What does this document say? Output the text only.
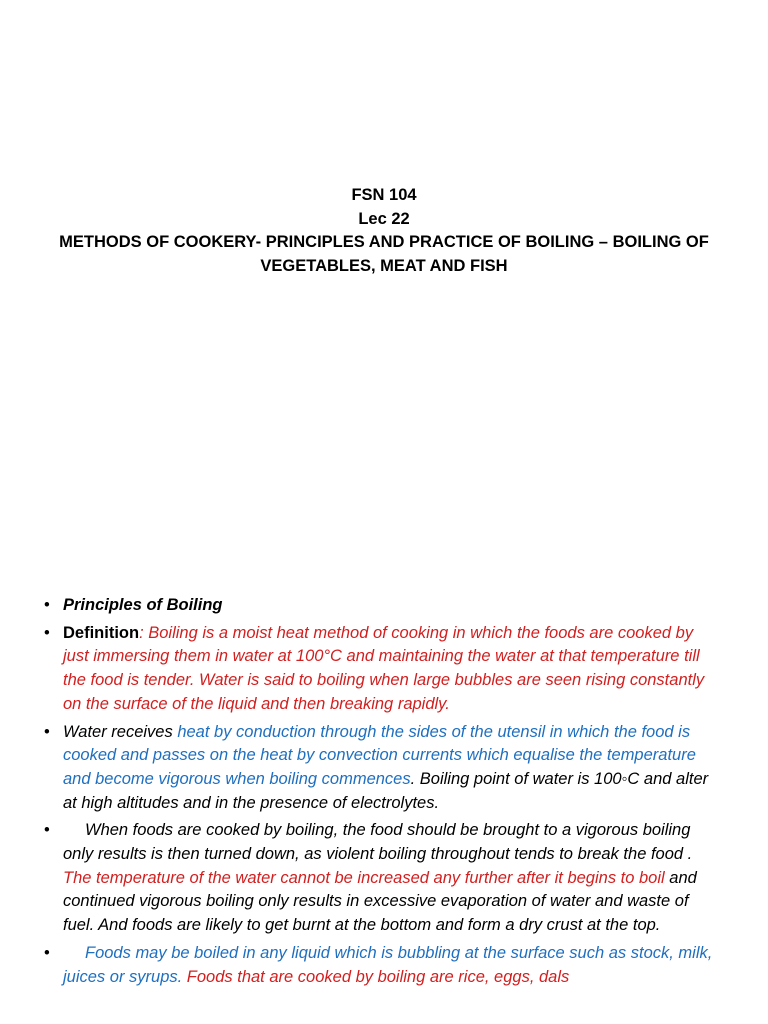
FSN 104
Lec 22
METHODS OF COOKERY- PRINCIPLES AND PRACTICE OF BOILING – BOILING OF
VEGETABLES, MEAT AND FISH
• Principles of Boiling
• Definition: Boiling is a moist heat method of cooking in which the foods are cooked by just immersing them in water at 100°C and maintaining the water at that temperature till the food is tender. Water is said to boiling when large bubbles are seen rising constantly on the surface of the liquid and then breaking rapidly.
• Water receives heat by conduction through the sides of the utensil in which the food is cooked and passes on the heat by convection currents which equalise the temperature and become vigorous when boiling commences. Boiling point of water is 100◦C and alter at high altitudes and in the presence of electrolytes.
• When foods are cooked by boiling, the food should be brought to a vigorous boiling only results is then turned down, as violent boiling throughout tends to break the food . The temperature of the water cannot be increased any further after it begins to boil and continued vigorous boiling only results in excessive evaporation of water and waste of fuel. And foods are likely to get burnt at the bottom and form a dry crust at the top.
• Foods may be boiled in any liquid which is bubbling at the surface such as stock, milk, juices or syrups. Foods that are cooked by boiling are rice, eggs, dals
